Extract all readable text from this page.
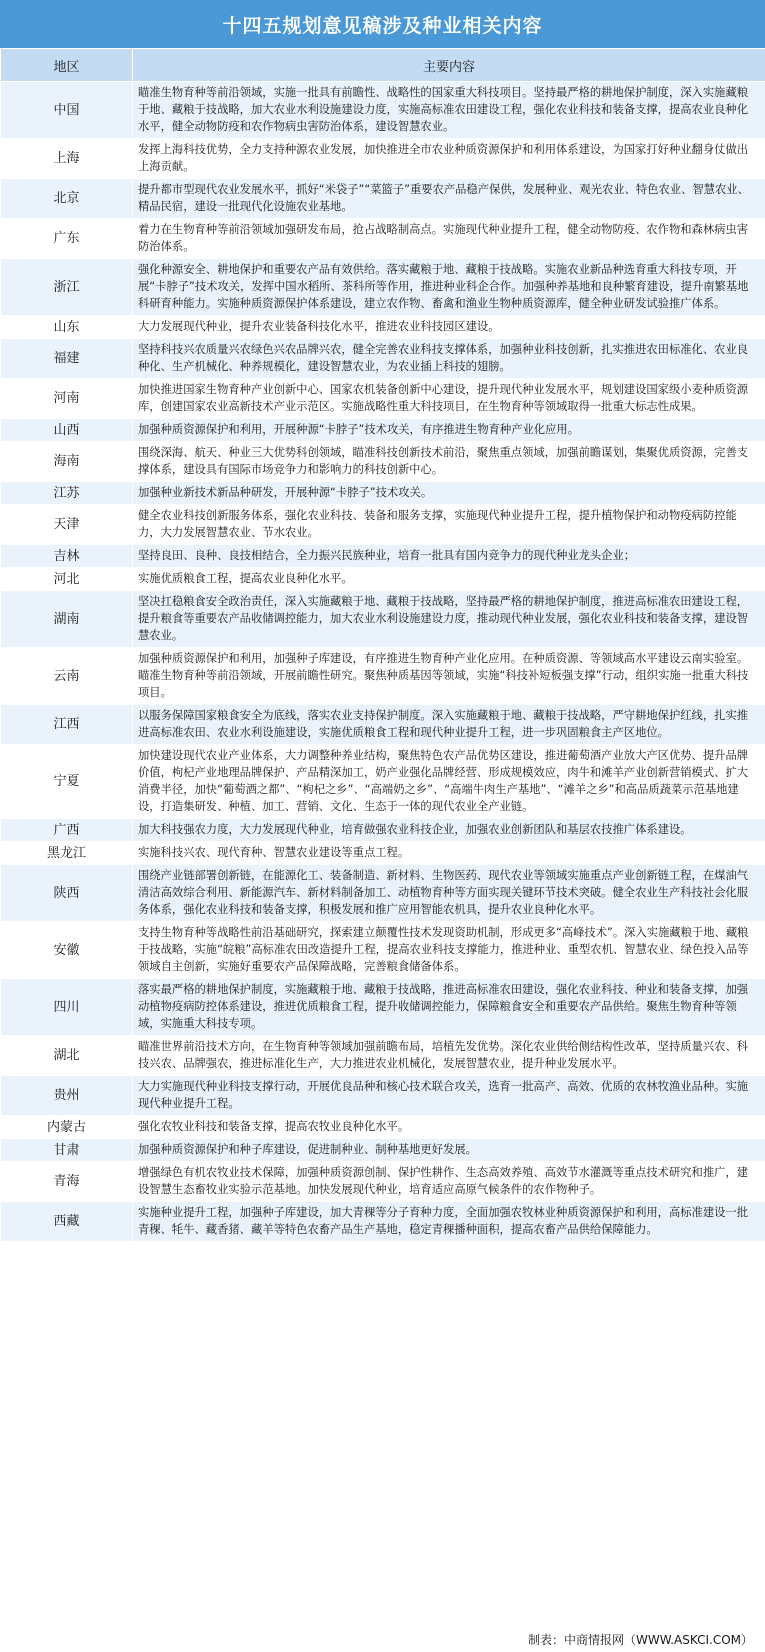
十四五规划意见稿涉及种业相关内容
地区	主要内容
中国	瞄准生物育种等前沿领域，实施一批具有前瞻性、战略性的国家重大科技项目。坚持最严格的耕地保护制度，深入实施藏粮于地、藏粮于技战略，加大农业水利设施建设力度，实施高标准农田建设工程，强化农业科技和装备支撑，提高农业良种化水平，健全动物防疫和农作物病虫害防治体系，建设智慧农业。
上海	发挥上海科技优势，全力支持种源农业发展，加快推进全市农业种质资源保护和利用体系建设，为国家打好种业翻身仗做出上海贡献。
北京	提升都市型现代农业发展水平，抓好“米袋子”“菜篮子”重要农产品稳产保供，发展种业、观光农业、特色农业、智慧农业、精品民宿，建设一批现代化设施农业基地。
广东	着力在生物育种等前沿领域加强研发布局，抢占战略制高点。实施现代种业提升工程，健全动物防疫、农作物和森林病虫害防治体系。
浙江	强化种源安全、耕地保护和重要农产品有效供给。落实藏粮于地、藏粮于技战略。实施农业新品种选育重大科技专项，开展“卡脖子”技术攻关，发挥中国水稻所、茶科所等作用，推进种业科企合作。加强种养基地和良种繁育建设，提升南繁基地科研育种能力。实施种质资源保护体系建设，建立农作物、畜禽和渔业生物种质资源库，健全种业研发试验推广体系。
山东	大力发展现代种业，提升农业装备科技化水平，推进农业科技园区建设。
福建	坚持科技兴农质量兴农绿色兴农品牌兴农，健全完善农业科技支撑体系，加强种业科技创新，扎实推进农田标准化、农业良种化、生产机械化、种养规模化，建设智慧农业，为农业插上科技的翅膀。
河南	加快推进国家生物育种产业创新中心、国家农机装备创新中心建设，提升现代种业发展水平，规划建设国家级小麦种质资源库，创建国家农业高新技术产业示范区。实施战略性重大科技项目，在生物育种等领域取得一批重大标志性成果。
山西	加强种质资源保护和利用，开展种源“卡脖子”技术攻关，有序推进生物育种产业化应用。
海南	围绕深海、航天、种业三大优势科创领域，瞄准科技创新技术前沿，聚焦重点领域，加强前瞻谋划，集聚优质资源，完善支撑体系，建设具有国际市场竞争力和影响力的科技创新中心。
江苏	加强种业新技术新品种研发，开展种源“卡脖子”技术攻关。
天津	健全农业科技创新服务体系，强化农业科技、装备和服务支撑，实施现代种业提升工程，提升植物保护和动物疫病防控能力，大力发展智慧农业、节水农业。
吉林	坚持良田、良种、良技相结合，全力振兴民族种业，培育一批具有国内竞争力的现代种业龙头企业；
河北	实施优质粮食工程，提高农业良种化水平。
湖南	坚决扛稳粮食安全政治责任，深入实施藏粮于地、藏粮于技战略，坚持最严格的耕地保护制度，推进高标准农田建设工程，提升粮食等重要农产品收储调控能力，加大农业水利设施建设力度，推动现代种业发展，强化农业科技和装备支撑，建设智慧农业。
云南	加强种质资源保护和利用，加强种子库建设，有序推进生物育种产业化应用。在种质资源、等领域高水平建设云南实验室。瞄准生物育种等前沿领域，开展前瞻性研究。聚焦种质基因等领域，实施“科技补短板强支撑”行动，组织实施一批重大科技项目。
江西	以服务保障国家粮食安全为底线，落实农业支持保护制度。深入实施藏粮于地、藏粮于技战略，严守耕地保护红线，扎实推进高标准农田、农业水利设施建设，实施优质粮食工程和现代种业提升工程，进一步巩固粮食主产区地位。
宁夏	加快建设现代农业产业体系，大力调整种养业结构，聚焦特色农产品优势区建设，推进葡萄酒产业放大产区优势、提升品牌价值，枸杞产业地理品牌保护、产品精深加工，奶产业强化品牌经营、形成规模效应，肉牛和滩羊产业创新营销模式、扩大消费半径，加快“葡萄酒之都”、“枸杞之乡”、“高端奶之乡”、“高端牛肉生产基地”、“滩羊之乡”和高品质蔬菜示范基地建设，打造集研发、种植、加工、营销、文化、生态于一体的现代农业全产业链。
广西	加大科技强农力度，大力发展现代种业，培育做强农业科技企业，加强农业创新团队和基层农技推广体系建设。
黑龙江	实施科技兴农、现代育种、智慧农业建设等重点工程。
陕西	围绕产业链部署创新链，在能源化工、装备制造、新材料、生物医药、现代农业等领域实施重点产业创新链工程，在煤油气清洁高效综合利用、新能源汽车、新材料制备加工、动植物育种等方面实现关键环节技术突破。健全农业生产科技社会化服务体系，强化农业科技和装备支撑，积极发展和推广应用智能农机具，提升农业良种化水平。
安徽	支持生物育种等战略性前沿基础研究，探索建立颠覆性技术发现资助机制，形成更多“高峰技术”。深入实施藏粮于地、藏粮于技战略，实施“皖粮”高标准农田改造提升工程，提高农业科技支撑能力，推进种业、重型农机、智慧农业、绿色投入品等领域自主创新，实施好重要农产品保障战略，完善粮食储备体系。
四川	落实最严格的耕地保护制度，实施藏粮于地、藏粮于技战略，推进高标准农田建设，强化农业科技、种业和装备支撑，加强动植物疫病防控体系建设，推进优质粮食工程，提升收储调控能力，保障粮食安全和重要农产品供给。聚焦生物育种等领域，实施重大科技专项。
湖北	瞄准世界前沿技术方向，在生物育种等领域加强前瞻布局，培植先发优势。深化农业供给侧结构性改革，坚持质量兴农、科技兴农、品牌强农，推进标准化生产，大力推进农业机械化，发展智慧农业，提升种业发展水平。
贵州	大力实施现代种业科技支撑行动，开展优良品种和核心技术联合攻关，选育一批高产、高效、优质的农林牧渔业品种。实施现代种业提升工程。
内蒙古	强化农牧业科技和装备支撑，提高农牧业良种化水平。
甘肃	加强种质资源保护和种子库建设，促进制种业、制种基地更好发展。
青海	增强绿色有机农牧业技术保障，加强种质资源创制、保护性耕作、生态高效养殖、高效节水灌溉等重点技术研究和推广，建设智慧生态畜牧业实验示范基地。加快发展现代种业，培育适应高原气候条件的农作物种子。
西藏	实施种业提升工程，加强种子库建设，加大青稞等分子育种力度，全面加强农牧林业种质资源保护和利用，高标准建设一批青稞、牦牛、藏香猪、藏羊等特色农畜产品生产基地，稳定青稞播种面积，提高农畜产品供给保障能力。
制表：中商情报网（WWW.ASKCI.COM）
